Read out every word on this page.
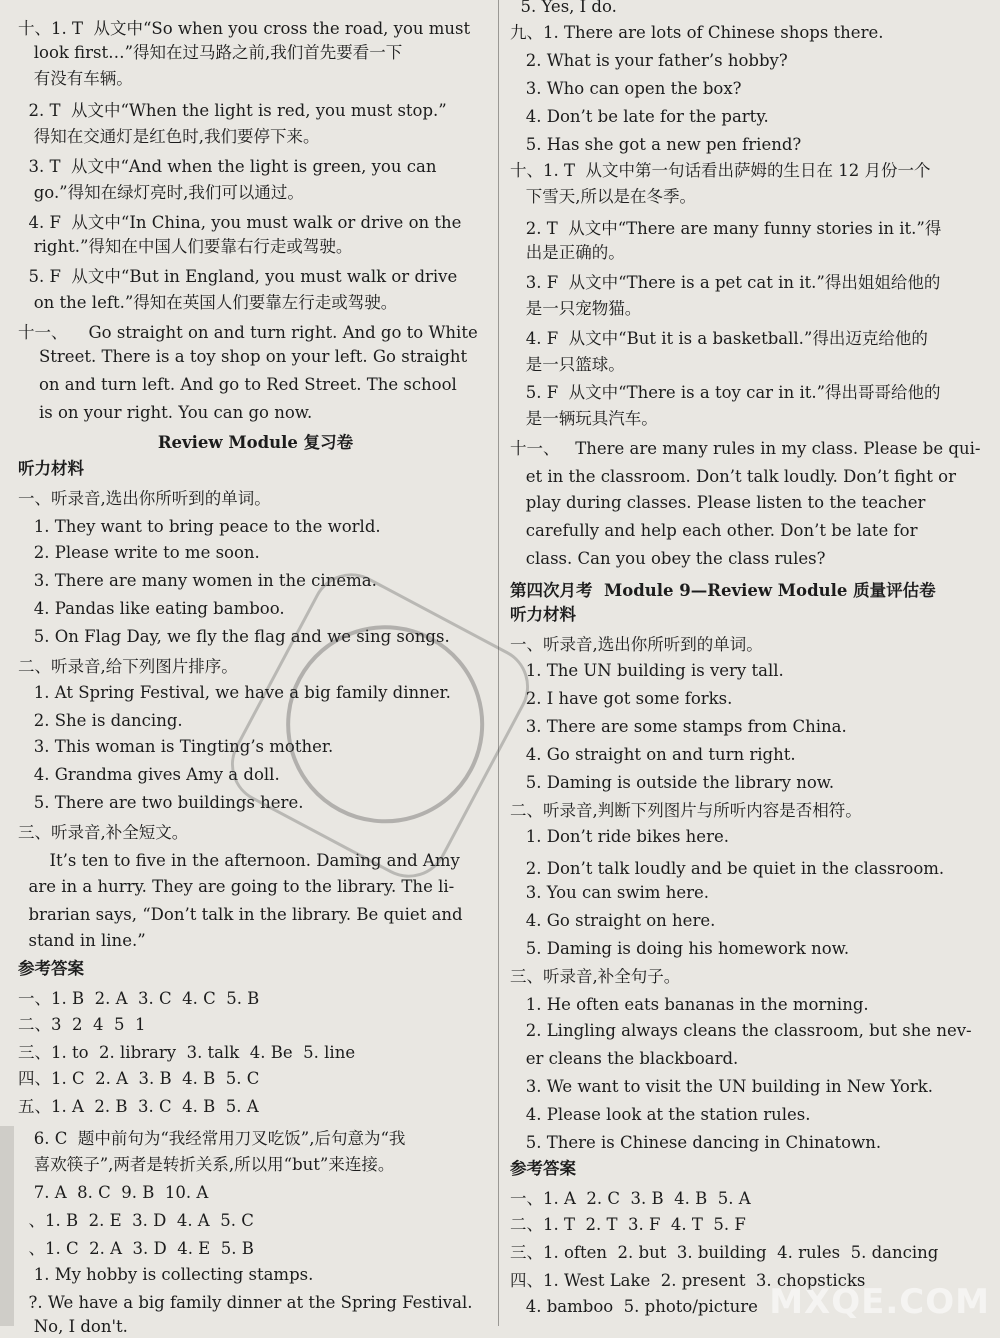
十、1. T  从文中“So when you cross the road, you must
look first…”得知在过马路之前,我们首先要看一下
有没有车辆。
2. T  从文中“When the light is red, you must stop.”
得知在交通灯是红色时,我们要停下来。
3. T  从文中“And when the light is green, you can
go.”得知在绿灯亮时,我们可以通过。
4. F  从文中“In China, you must walk or drive on the
right.”得知在中国人们要靠右行走或驾驶。
5. F  从文中“But in England, you must walk or drive
on the left.”得知在英国人们要靠左行走或驾驶。
十一、    Go straight on and turn right. And go to White
Street. There is a toy shop on your left. Go straight
on and turn left. And go to Red Street. The school
is on your right. You can go now.
Review Module 复习卷
听力材料
一、听录音,选出你所听到的单词。
1. They want to bring peace to the world.
2. Please write to me soon.
3. There are many women in the cinema.
4. Pandas like eating bamboo.
5. On Flag Day, we fly the flag and we sing songs.
二、听录音,给下列图片排序。
1. At Spring Festival, we have a big family dinner.
2. She is dancing.
3. This woman is Tingting’s mother.
4. Grandma gives Amy a doll.
5. There are two buildings here.
三、听录音,补全短文。
It’s ten to five in the afternoon. Daming and Amy
are in a hurry. They are going to the library. The li-
brarian says, “Don’t talk in the library. Be quiet and
stand in line.”
参考答案
一、1. B  2. A  3. C  4. C  5. B
二、3  2  4  5  1
三、1. to  2. library  3. talk  4. Be  5. line
四、1. C  2. A  3. B  4. B  5. C
五、1. A  2. B  3. C  4. B  5. A
6. C  题中前句为“我经常用刀叉吃饭”,后句意为“我
喜欢筷子”,两者是转折关系,所以用“but”来连接。
7. A  8. C  9. B  10. A
、1. B  2. E  3. D  4. A  5. C
、1. C  2. A  3. D  4. E  5. B
1. My hobby is collecting stamps.
?. We have a big family dinner at the Spring Festival.
No, I don't.
5. Yes, I do.
九、1. There are lots of Chinese shops there.
2. What is your father’s hobby?
3. Who can open the box?
4. Don’t be late for the party.
5. Has she got a new pen friend?
十、1. T  从文中第一句话看出萨姆的生日在 12 月份一个
下雪天,所以是在冬季。
2. T  从文中“There are many funny stories in it.”得
出是正确的。
3. F  从文中“There is a pet cat in it.”得出姐姐给他的
是一只宠物猫。
4. F  从文中“But it is a basketball.”得出迈克给他的
是一只篮球。
5. F  从文中“There is a toy car in it.”得出哥哥给他的
是一辆玩具汽车。
十一、   There are many rules in my class. Please be qui-
et in the classroom. Don’t talk loudly. Don’t fight or
play during classes. Please listen to the teacher
carefully and help each other. Don’t be late for
class. Can you obey the class rules?
第四次月考  Module 9—Review Module 质量评估卷
听力材料
一、听录音,选出你所听到的单词。
1. The UN building is very tall.
2. I have got some forks.
3. There are some stamps from China.
4. Go straight on and turn right.
5. Daming is outside the library now.
二、听录音,判断下列图片与所听内容是否相符。
1. Don’t ride bikes here.
2. Don’t talk loudly and be quiet in the classroom.
3. You can swim here.
4. Go straight on here.
5. Daming is doing his homework now.
三、听录音,补全句子。
1. He often eats bananas in the morning.
2. Lingling always cleans the classroom, but she nev-
er cleans the blackboard.
3. We want to visit the UN building in New York.
4. Please look at the station rules.
5. There is Chinese dancing in Chinatown.
参考答案
一、1. A  2. C  3. B  4. B  5. A
二、1. T  2. T  3. F  4. T  5. F
三、1. often  2. but  3. building  4. rules  5. dancing
四、1. West Lake  2. present  3. chopsticks
4. bamboo  5. photo/picture MXQE.COM
